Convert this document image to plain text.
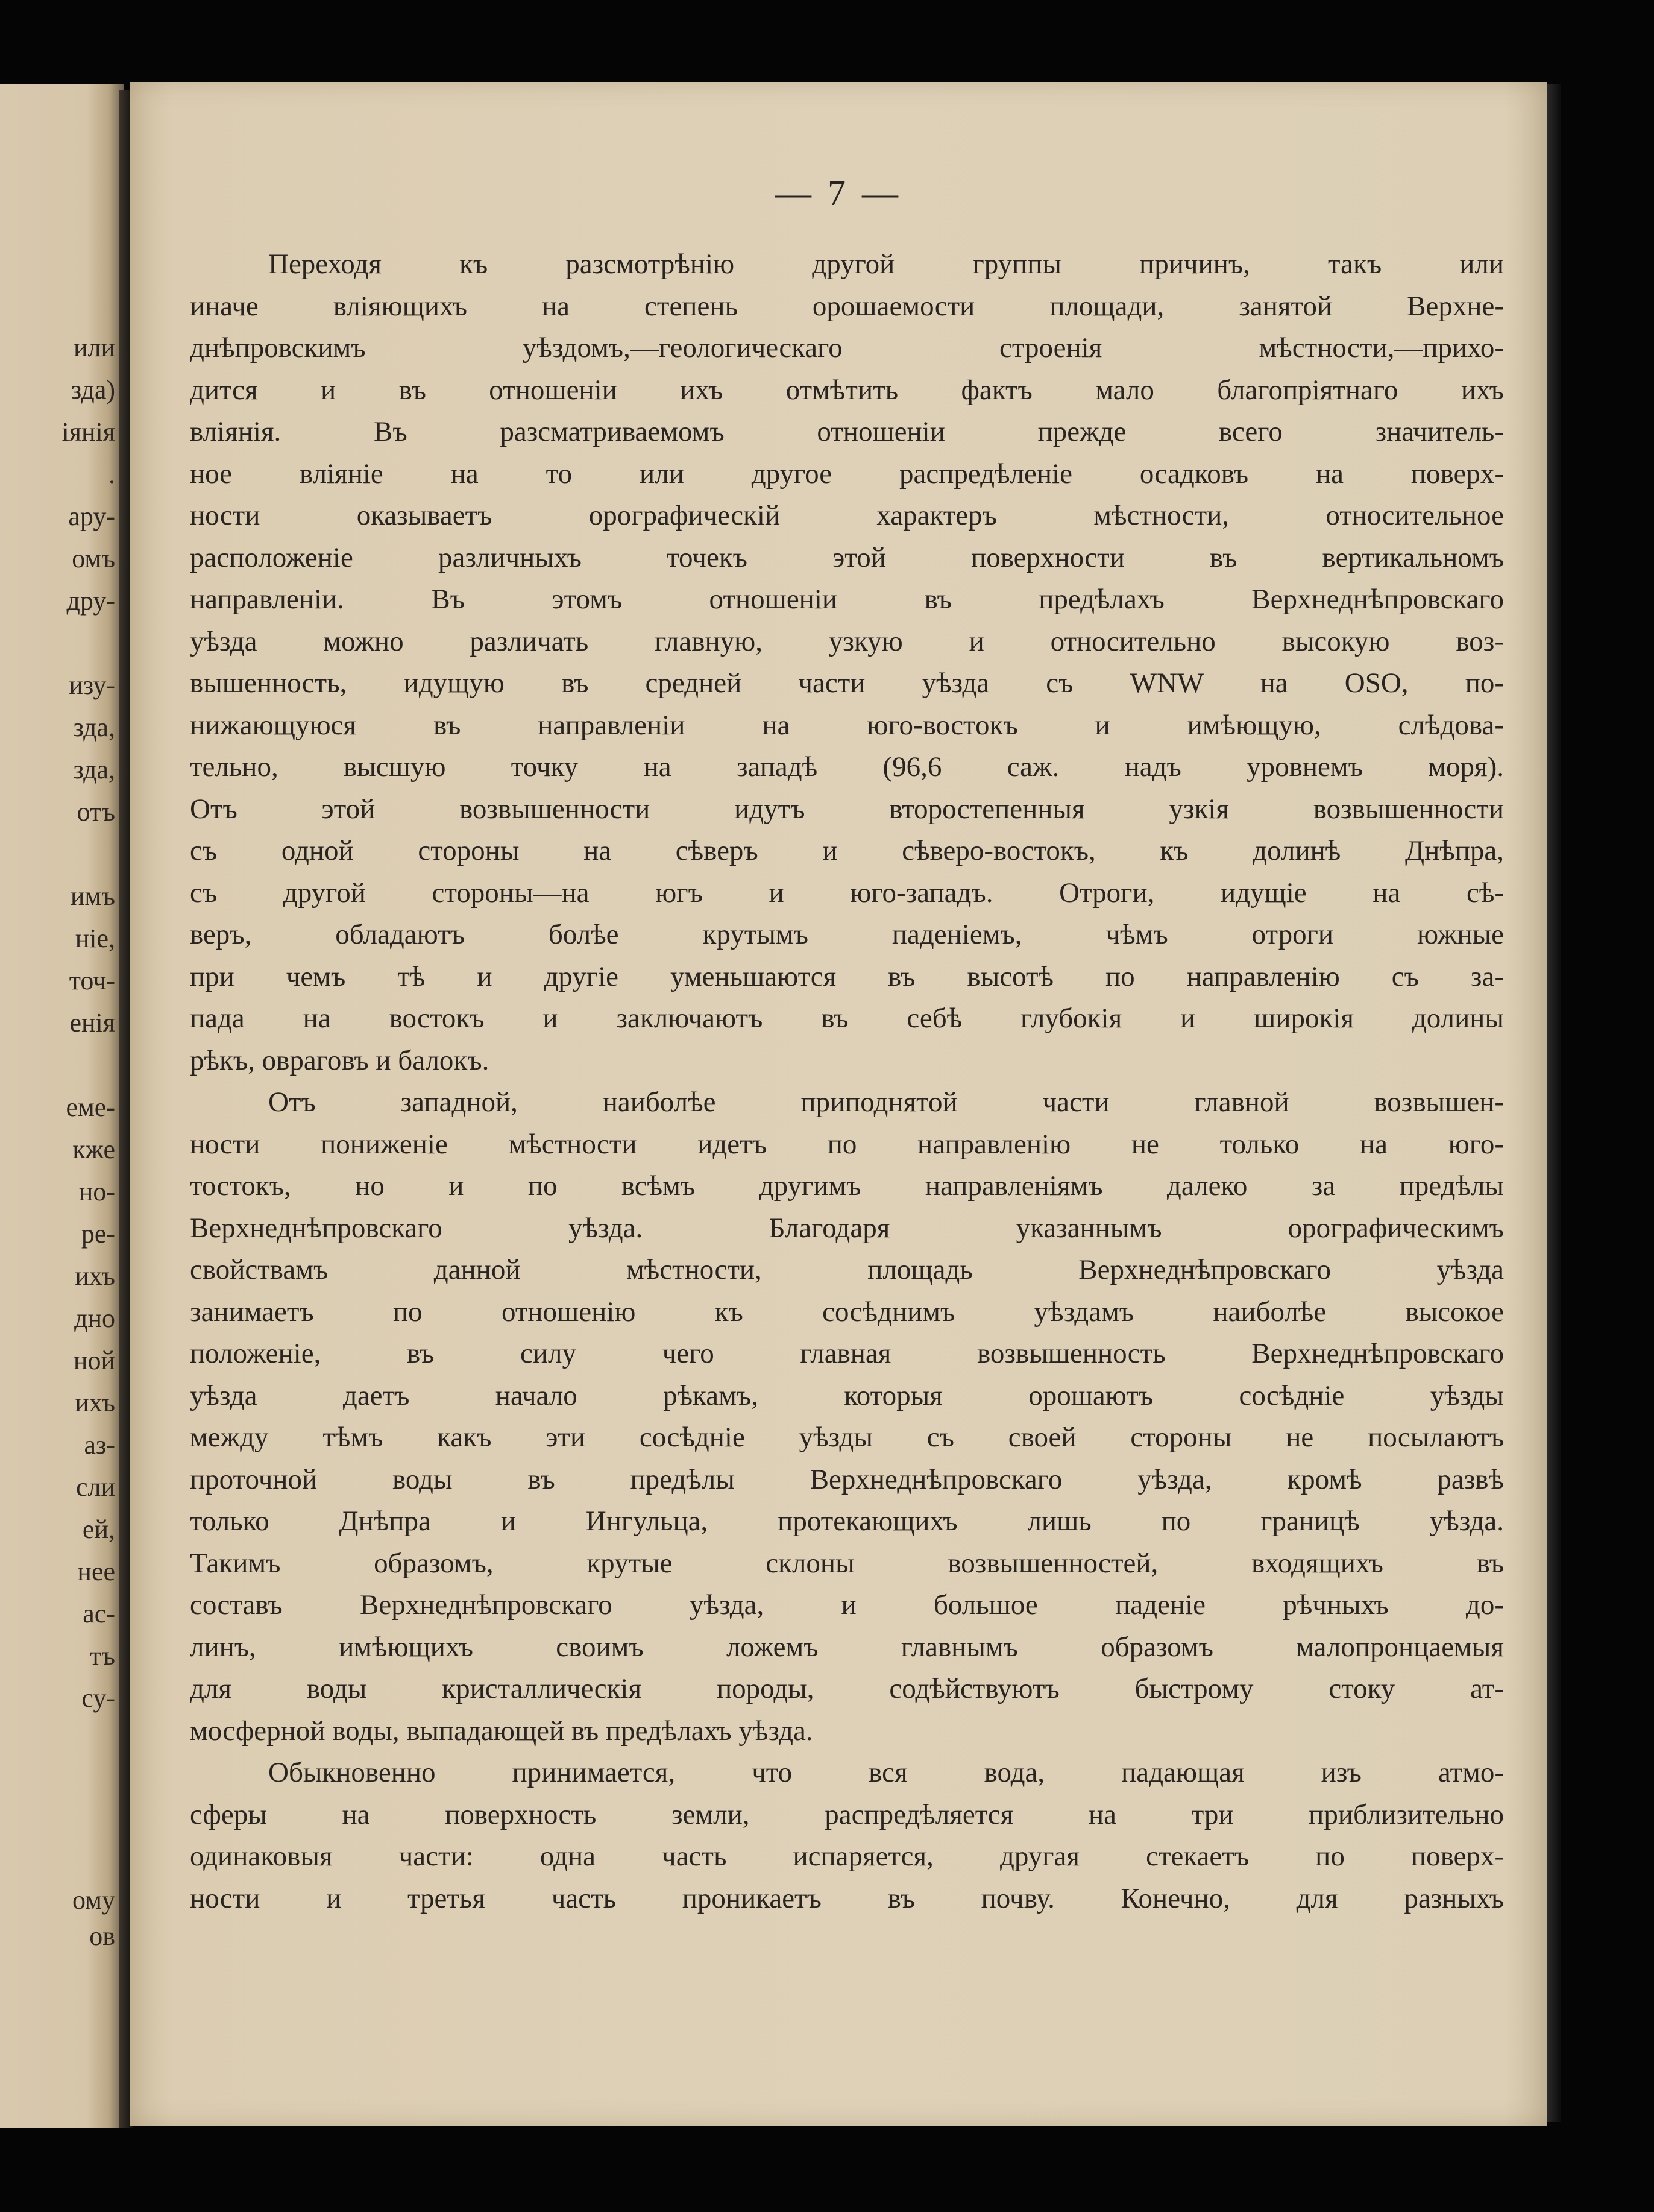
или
зда)
іянія
.
ару-
омъ
дру-
изу-
зда,
зда,
отъ
имъ
ніе,
точ-
енія
еме-
кже
но-
ре-
ихъ
дно
ной
ихъ
аз-
сли
ей,
нее
ас-
тъ
су-
ому
ов
— 7 —
Переходя къ разсмотрѣнію другой группы причинъ, такъ или
иначе вліяющихъ на степень орошаемости площади, занятой Верхне-
днѣпровскимъ уѣздомъ,—геологическаго строенія мѣстности,—прихо-
дится и въ отношеніи ихъ отмѣтить фактъ мало благопріятнаго ихъ
вліянія. Въ разсматриваемомъ отношеніи прежде всего значитель-
ное вліяніе на то или другое распредѣленіе осадковъ на поверх-
ности оказываетъ орографическій характеръ мѣстности, относительное
расположеніе различныхъ точекъ этой поверхности въ вертикальномъ
направленіи. Въ этомъ отношеніи въ предѣлахъ Верхнеднѣпровскаго
уѣзда можно различать главную, узкую и относительно высокую воз-
вышенность, идущую въ средней части уѣзда съ WNW на OSO, по-
нижающуюся въ направленіи на юго-востокъ и имѣющую, слѣдова-
тельно, высшую точку на западѣ (96,6 саж. надъ уровнемъ моря).
Отъ этой возвышенности идутъ второстепенныя узкія возвышенности
съ одной стороны на сѣверъ и сѣверо-востокъ, къ долинѣ Днѣпра,
съ другой стороны—на югъ и юго-западъ. Отроги, идущіе на сѣ-
веръ, обладаютъ болѣе крутымъ паденіемъ, чѣмъ отроги южные
при чемъ тѣ и другіе уменьшаются въ высотѣ по направленію съ за-
пада на востокъ и заключаютъ въ себѣ глубокія и широкія долины
рѣкъ, овраговъ и балокъ.
Отъ западной, наиболѣе приподнятой части главной возвышен-
ности пониженіе мѣстности идетъ по направленію не только на юго-
тостокъ, но и по всѣмъ другимъ направленіямъ далеко за предѣлы
Верхнеднѣпровскаго уѣзда. Благодаря указаннымъ орографическимъ
свойствамъ данной мѣстности, площадь Верхнеднѣпровскаго уѣзда
занимаетъ по отношенію къ сосѣднимъ уѣздамъ наиболѣе высокое
положеніе, въ силу чего главная возвышенность Верхнеднѣпровскаго
уѣзда даетъ начало рѣкамъ, которыя орошаютъ сосѣдніе уѣзды
между тѣмъ какъ эти сосѣдніе уѣзды съ своей стороны не посылаютъ
проточной воды въ предѣлы Верхнеднѣпровскаго уѣзда, кромѣ развѣ
только Днѣпра и Ингульца, протекающихъ лишь по границѣ уѣзда.
Такимъ образомъ, крутые склоны возвышенностей, входящихъ въ
составъ Верхнеднѣпровскаго уѣзда, и большое паденіе рѣчныхъ до-
линъ, имѣющихъ своимъ ложемъ главнымъ образомъ малопронцаемыя
для воды кристаллическія породы, содѣйствуютъ быстрому стоку ат-
мосферной воды, выпадающей въ предѣлахъ уѣзда.
Обыкновенно принимается, что вся вода, падающая изъ атмо-
сферы на поверхность земли, распредѣляется на три приблизительно
одинаковыя части: одна часть испаряется, другая стекаетъ по поверх-
ности и третья часть проникаетъ въ почву. Конечно, для разныхъ
